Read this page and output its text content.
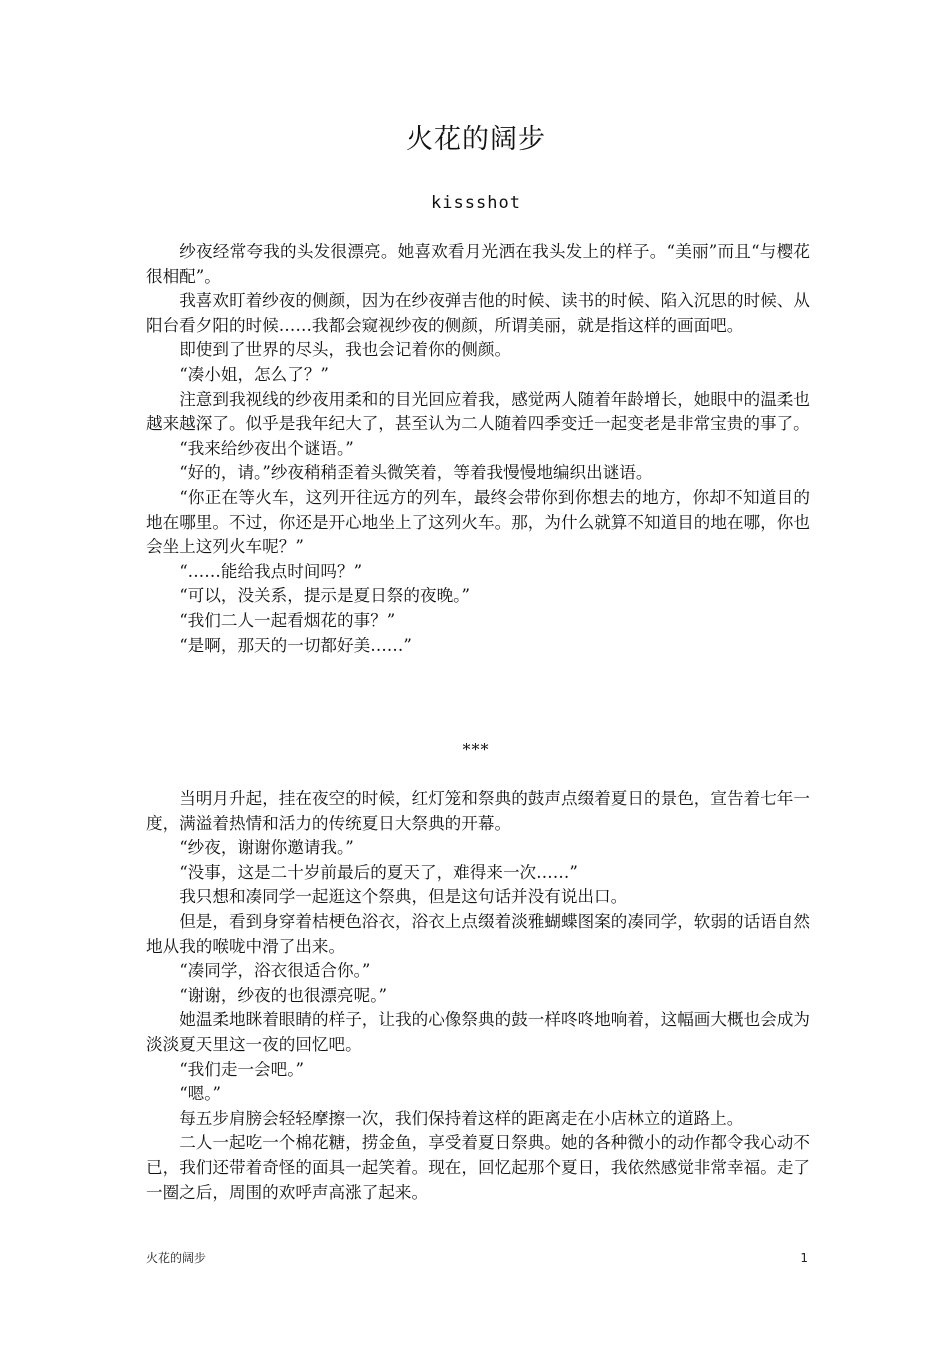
火花的阔步
kissshot

纱夜经常夸我的头发很漂亮。她喜欢看月光洒在我头发上的样子。“美丽”而且“与樱花很相配”。

我喜欢盯着纱夜的侧颜，因为在纱夜弹吉他的时候、读书的时候、陷入沉思的时候、从阳台看夕阳的时候……我都会窥视纱夜的侧颜，所谓美丽，就是指这样的画面吧。

即使到了世界的尽头，我也会记着你的侧颜。

“凑小姐，怎么了？”

注意到我视线的纱夜用柔和的目光回应着我，感觉两人随着年龄增长，她眼中的温柔也越来越深了。似乎是我年纪大了，甚至认为二人随着四季变迁一起变老是非常宝贵的事了。

“我来给纱夜出个谜语。”

“好的，请。”纱夜稍稍歪着头微笑着，等着我慢慢地编织出谜语。

“你正在等火车，这列开往远方的列车，最终会带你到你想去的地方，你却不知道目的地在哪里。不过，你还是开心地坐上了这列火车。那，为什么就算不知道目的地在哪，你也会坐上这列火车呢？”

“……能给我点时间吗？”

“可以，没关系，提示是夏日祭的夜晚。”

“我们二人一起看烟花的事？”

“是啊，那天的一切都好美……”

***

当明月升起，挂在夜空的时候，红灯笼和祭典的鼓声点缀着夏日的景色，宣告着七年一度，满溢着热情和活力的传统夏日大祭典的开幕。

“纱夜，谢谢你邀请我。”

“没事，这是二十岁前最后的夏天了，难得来一次……”

我只想和凑同学一起逛这个祭典，但是这句话并没有说出口。

但是，看到身穿着桔梗色浴衣，浴衣上点缀着淡雅蝴蝶图案的凑同学，软弱的话语自然地从我的喉咙中滑了出来。

“凑同学，浴衣很适合你。”

“谢谢，纱夜的也很漂亮呢。”

她温柔地眯着眼睛的样子，让我的心像祭典的鼓一样咚咚地响着，这幅画大概也会成为淡淡夏天里这一夜的回忆吧。

“我们走一会吧。”

“嗯。”

每五步肩膀会轻轻摩擦一次，我们保持着这样的距离走在小店林立的道路上。

二人一起吃一个棉花糖，捞金鱼，享受着夏日祭典。她的各种微小的动作都令我心动不已，我们还带着奇怪的面具一起笑着。现在，回忆起那个夏日，我依然感觉非常幸福。走了一圈之后，周围的欢呼声高涨了起来。

火花的阔步	1
